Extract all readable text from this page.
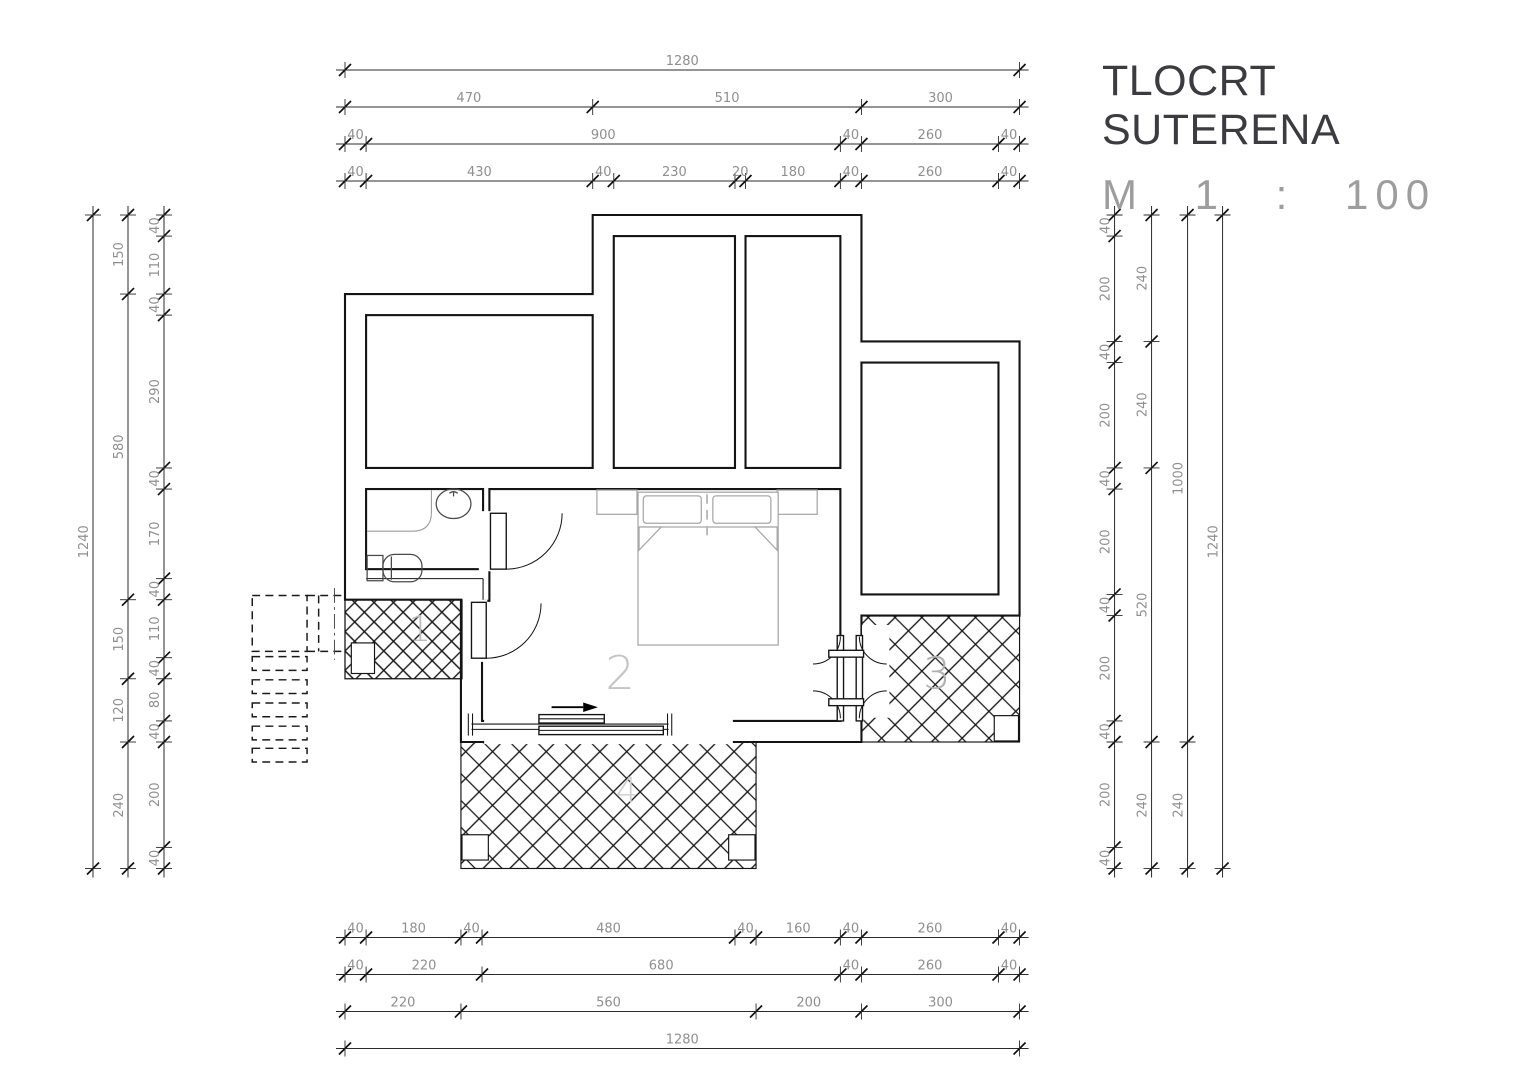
1280
470	510	300
40	900	40	260	40
40	430	40	230	20 180	40	260	40
40	180	40	480	40 160 40	260	40
40	220	680	40	260	40
220	560	200	300
1280
1240
150
580
150
120
240
40
110
40
290
40
170
40
110
40
80
40
200
40
40
200
40
200
40
200
40
200
40
200
40
240
240
520
240
1000
240
1240
1
2	3
4
TLOCRT SUTERENA
M 1 : 100
